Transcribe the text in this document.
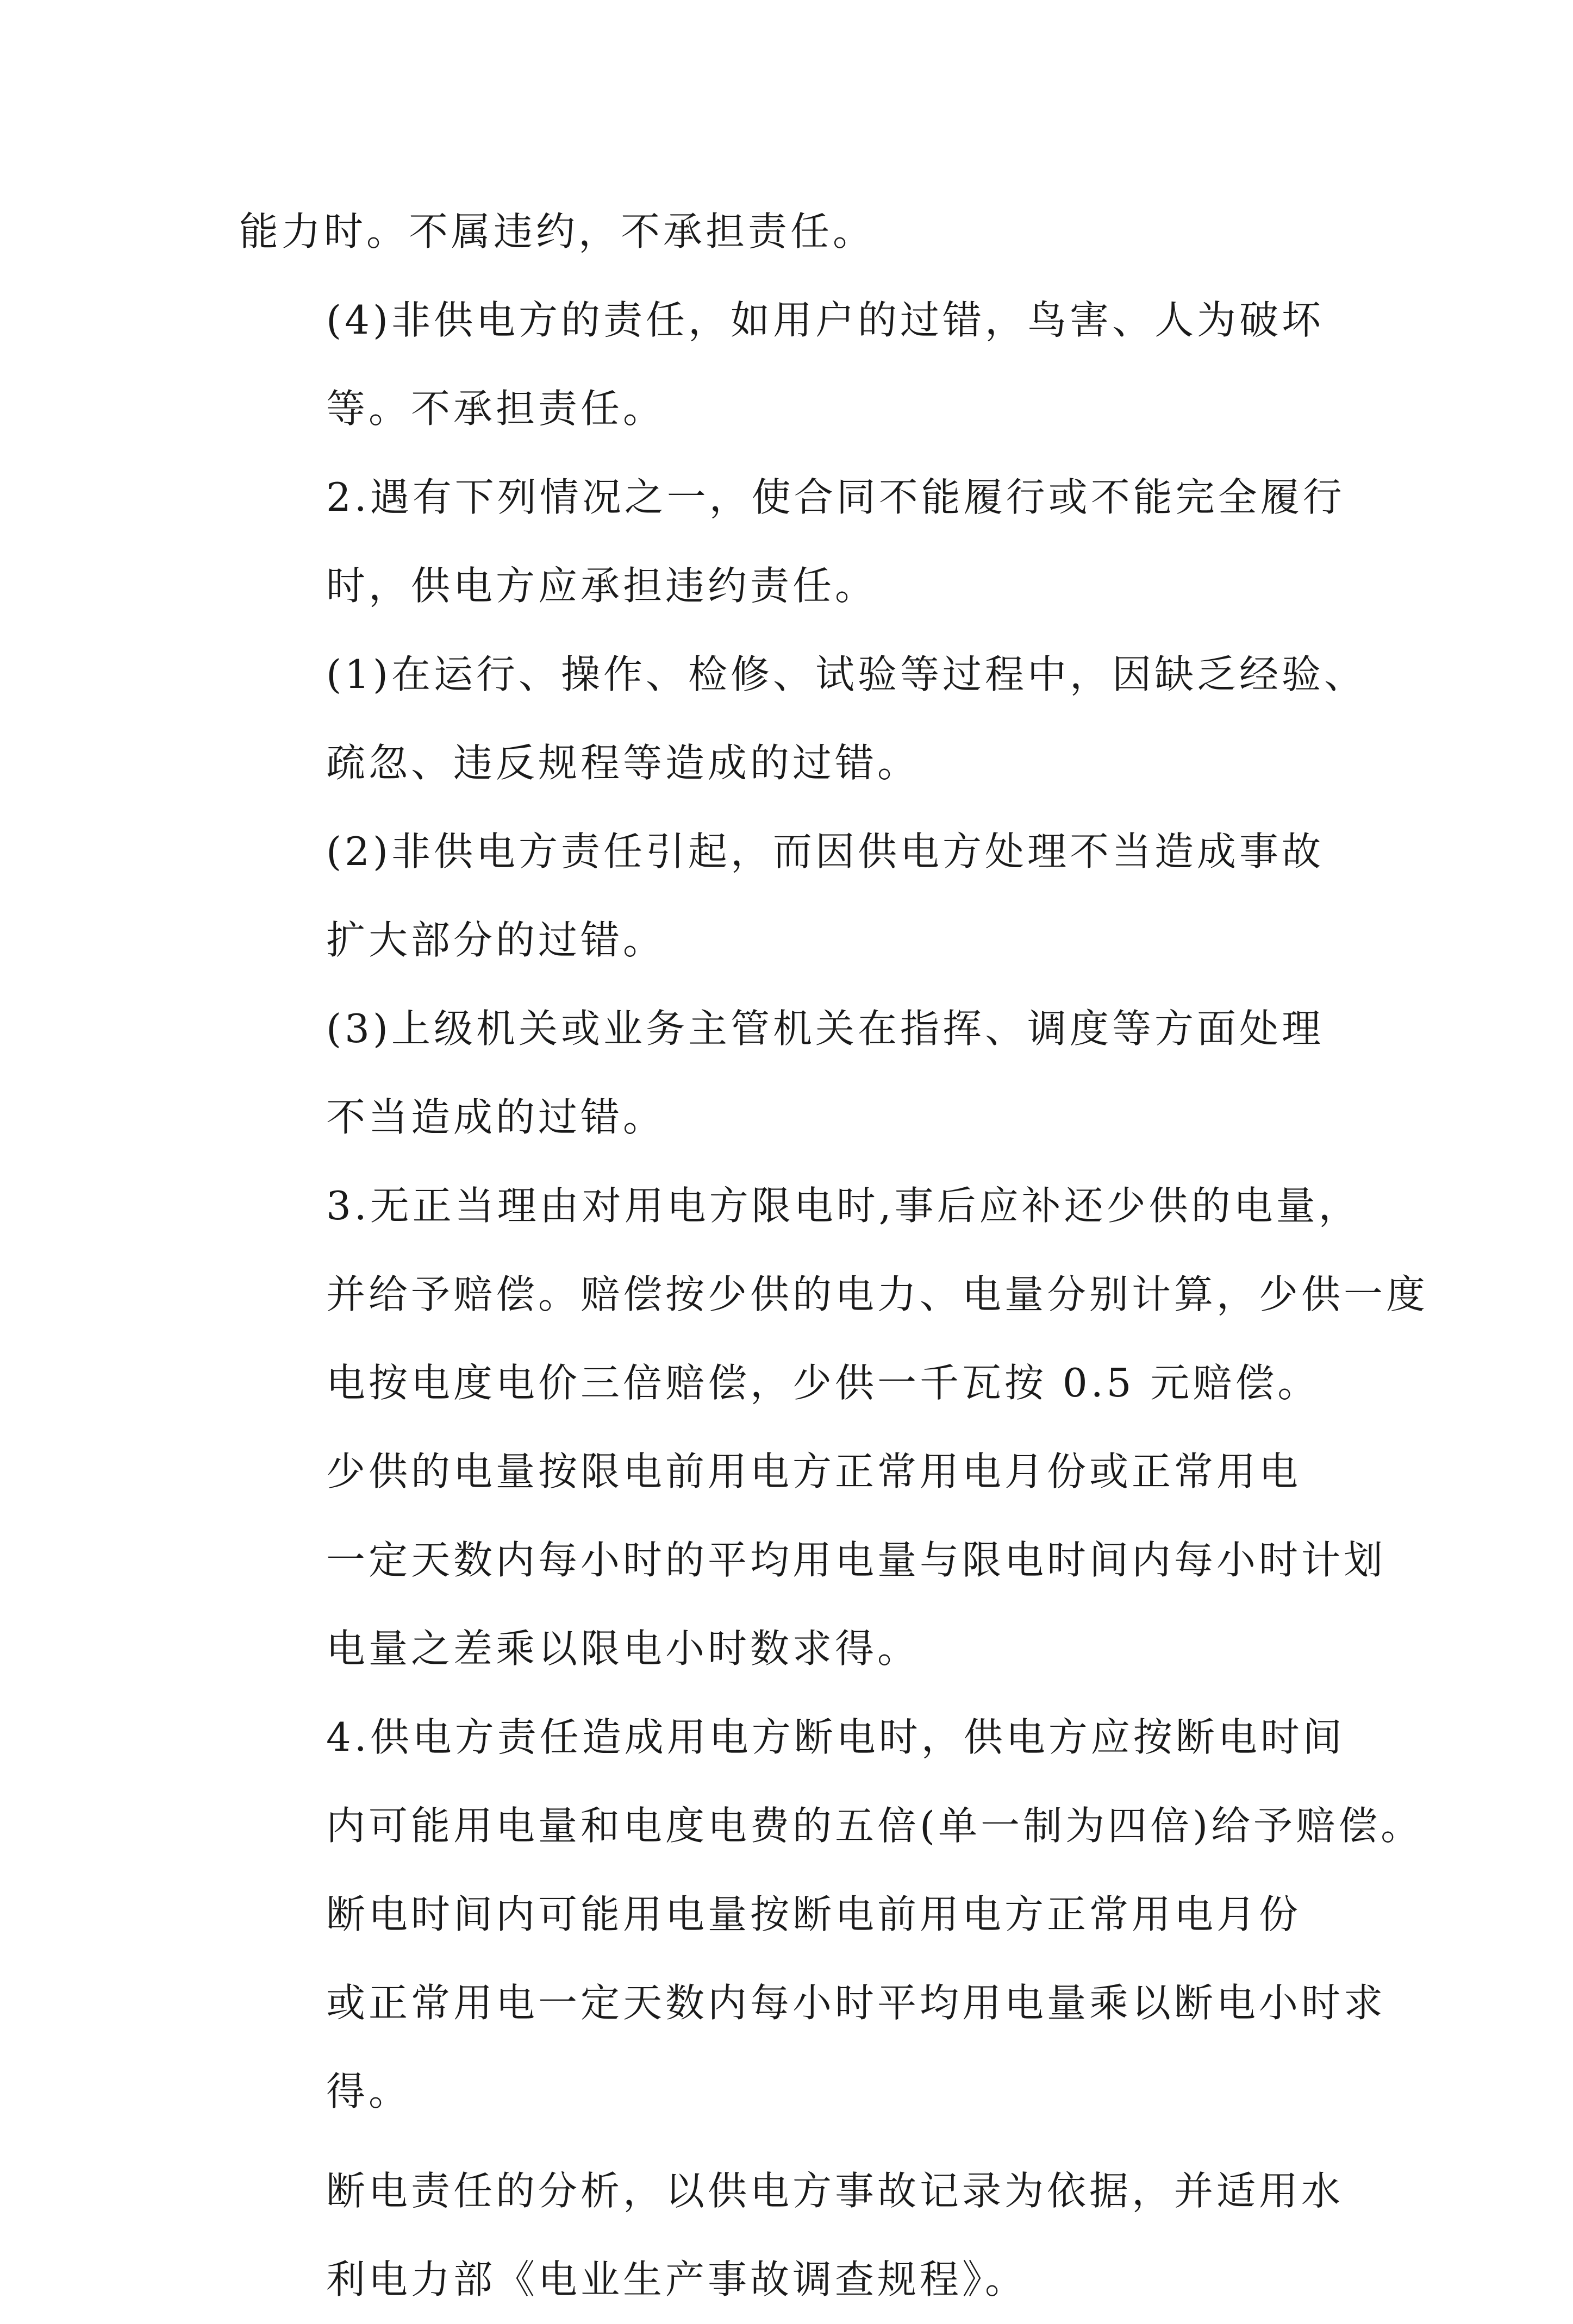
能力时。不属违约，不承担责任。
(4)非供电方的责任，如用户的过错，鸟害、人为破坏
等。不承担责任。
2.遇有下列情况之一，使合同不能履行或不能完全履行
时，供电方应承担违约责任。
(1)在运行、操作、检修、试验等过程中，因缺乏经验、
疏忽、违反规程等造成的过错。
(2)非供电方责任引起，而因供电方处理不当造成事故
扩大部分的过错。
(3)上级机关或业务主管机关在指挥、调度等方面处理
不当造成的过错。
3.无正当理由对用电方限电时,事后应补还少供的电量，
并给予赔偿。赔偿按少供的电力、电量分别计算，少供一度
电按电度电价三倍赔偿，少供一千瓦按 0.5 元赔偿。
少供的电量按限电前用电方正常用电月份或正常用电
一定天数内每小时的平均用电量与限电时间内每小时计划
电量之差乘以限电小时数求得。
4.供电方责任造成用电方断电时，供电方应按断电时间
内可能用电量和电度电费的五倍(单一制为四倍)给予赔偿。
断电时间内可能用电量按断电前用电方正常用电月份
或正常用电一定天数内每小时平均用电量乘以断电小时求
得。
断电责任的分析，以供电方事故记录为依据，并适用水
利电力部《电业生产事故调查规程》。
